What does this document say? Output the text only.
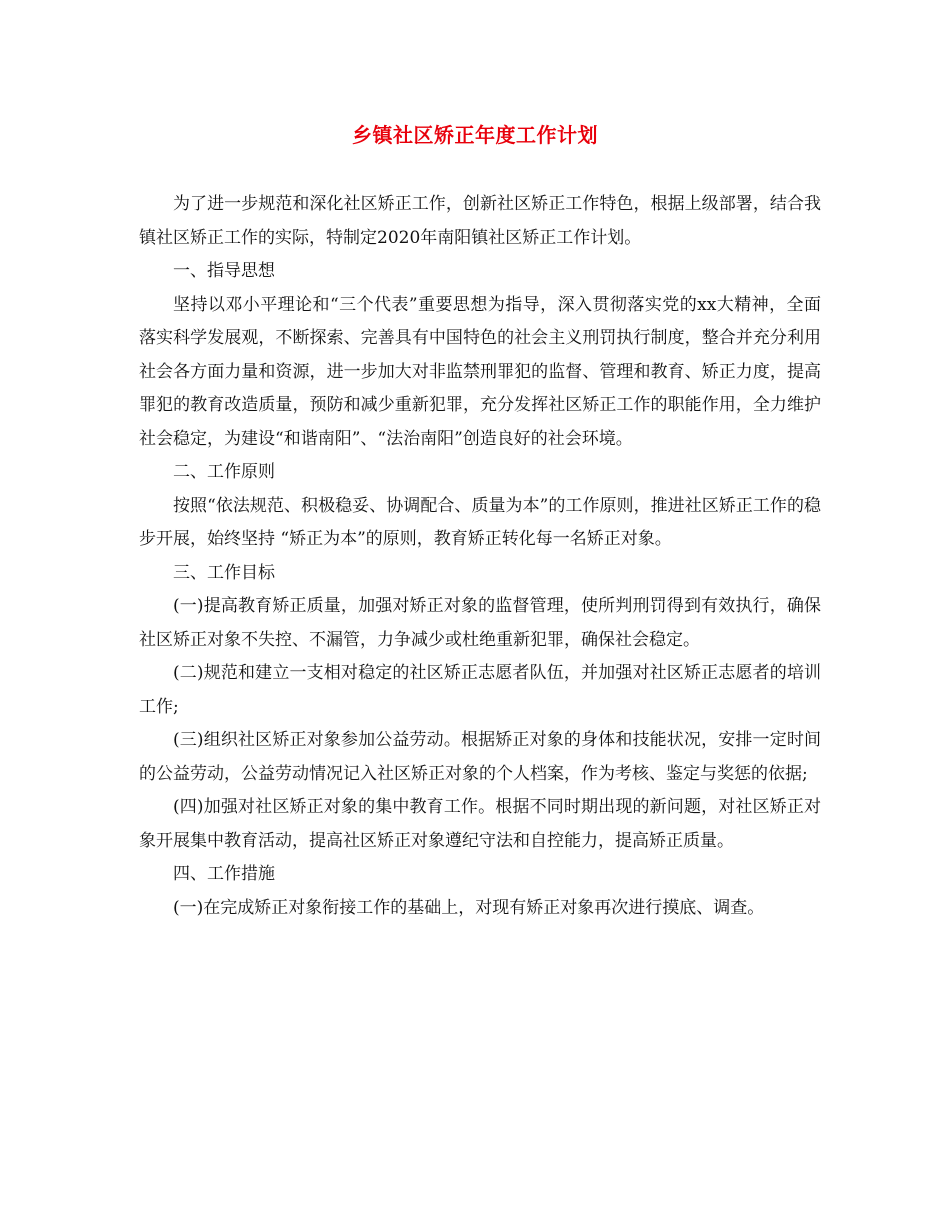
乡镇社区矫正年度工作计划

为了进一步规范和深化社区矫正工作，创新社区矫正工作特色，根据上级部署，结合我镇社区矫正工作的实际，特制定2020年南阳镇社区矫正工作计划。

一、指导思想

坚持以邓小平理论和“三个代表”重要思想为指导，深入贯彻落实党的xx大精神，全面落实科学发展观，不断探索、完善具有中国特色的社会主义刑罚执行制度，整合并充分利用社会各方面力量和资源，进一步加大对非监禁刑罪犯的监督、管理和教育、矫正力度，提高罪犯的教育改造质量，预防和减少重新犯罪，充分发挥社区矫正工作的职能作用，全力维护社会稳定，为建设“和谐南阳”、“法治南阳”创造良好的社会环境。

二、工作原则

按照“依法规范、积极稳妥、协调配合、质量为本”的工作原则，推进社区矫正工作的稳步开展，始终坚持 “矫正为本”的原则，教育矫正转化每一名矫正对象。

三、工作目标

(一)提高教育矫正质量，加强对矫正对象的监督管理，使所判刑罚得到有效执行，确保社区矫正对象不失控、不漏管，力争减少或杜绝重新犯罪，确保社会稳定。

(二)规范和建立一支相对稳定的社区矫正志愿者队伍，并加强对社区矫正志愿者的培训工作;

(三)组织社区矫正对象参加公益劳动。根据矫正对象的身体和技能状况，安排一定时间的公益劳动，公益劳动情况记入社区矫正对象的个人档案，作为考核、鉴定与奖惩的依据;

(四)加强对社区矫正对象的集中教育工作。根据不同时期出现的新问题，对社区矫正对象开展集中教育活动，提高社区矫正对象遵纪守法和自控能力，提高矫正质量。

四、工作措施

(一)在完成矫正对象衔接工作的基础上，对现有矫正对象再次进行摸底、调查。
